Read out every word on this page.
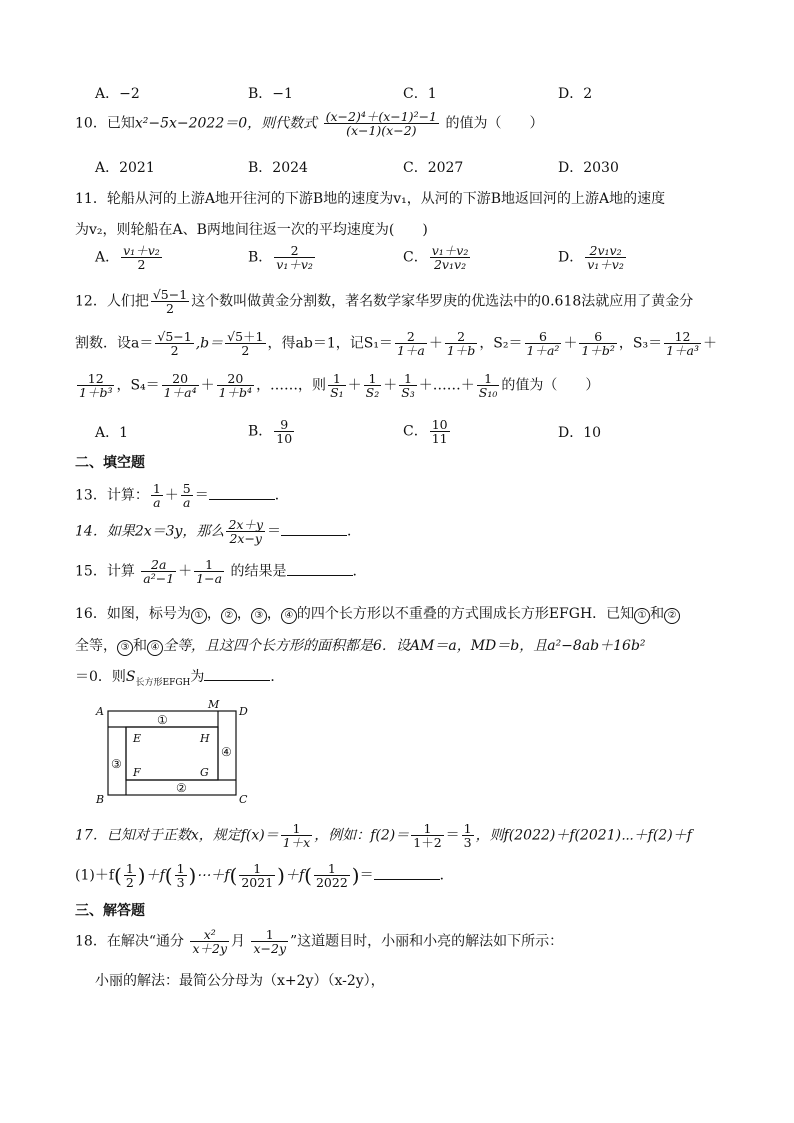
A．−2	B．−1	C．1	D．2
10．已知x²−5x−2022＝0，则代数式 $\frac{\text{(x−2)⁴＋(x−1)²−1}}{(x-1)(x-2)}$ 的值为（　　）
A．2021	B．2024	C．2027	D．2030
11．轮船从河的上游A地开往河的下游B地的速度为v₁，从河的下游B地返回河的上游A地的速度
为v₂，则轮船在A、B两地间往返一次的平均速度为(　　)
A． $\frac{\text{v₁＋v₂}}{2}$	B． $\frac{2}{\text{v₁＋v₂}}$	C． $\frac{\text{v₁＋v₂}}{\text{2v₁v₂}}$	D． $\frac{\text{2v₁v₂}}{\text{v₁＋v₂}}$
12．人们把 $\frac{√5-1}{2}$ 这个数叫做黄金分割数，著名数学家华罗庚的优选法中的0.618法就应用了黄金分
割数．设$a= \frac{√5-1}{2} ,b= \frac{√5+1}{2}$ ，得ab＝1，记$S_1= \frac{2}{1+a} + \frac{2}{1+b}$ ，$S_2= \frac{6}{\text{1＋a²}} + \frac{6}{\text{1＋b²}}$ ，$S_3= \frac{12}{\text{1＋a³}}$ ＋
$\frac{12}{\text{1＋b³}}$ ，$S_4= \frac{20}{\text{1＋a⁴}} + \frac{20}{\text{1＋b⁴}}$ ，……，则 $\frac{1}{\text{S₁}} + \frac{1}{\text{S₂}} + \frac{1}{\text{S₃}}$ ＋……＋ $\frac{1}{\text{S₁₀}}$ 的值为（　　）
A．1	B． $\frac{9}{10}$	C． $\frac{10}{11}$	D．10
二、填空题
13．计算： $\frac{1}{a} + \frac{5}{a}$ ＝	．
14．如果2x＝3y，那么 $\frac{2x+y}{2x-y}$ ＝	．
15．计算 $\frac{2a}{\text{a²−1}} + \frac{1}{1-a}$ 的结果是	.
16．如图，标号为 ① ， ② ， ③ ， ④ 的四个长方形以不重叠的方式围成长方形EFGH．已知 ① 和 ②
全等， ③ 和 ④ 全等，且这四个长方形的面积都是6．设AM＝a，MD＝b，且a²−8ab＋16b²
＝0．则$S_{长方形EFGH}$为	．
A
B	C
D
M
E
F	G
H
①
②
③
④
17．已知对于正数x，规定$f(x)= \frac{1}{1+x}$ ，例如：$f(2)= \frac{1}{1+2} = \frac{1}{3}$ ，则f(2022)＋f(2021)⋯＋f(2)＋f
$(1)+f( \frac{1}{2} )+f( \frac{1}{3}$ )⋯＋f( $\frac{1}{2021} )+f( \frac{1}{2022}$ )＝	．
三、解答题
18．在解决“通分 $\frac{\text{x²}}{x+2y}$ 月 $\frac{1}{x-2y}$ ”这道题目时，小丽和小亮的解法如下所示：
小丽的解法：最简公分母为（x+2y）（x-2y），
